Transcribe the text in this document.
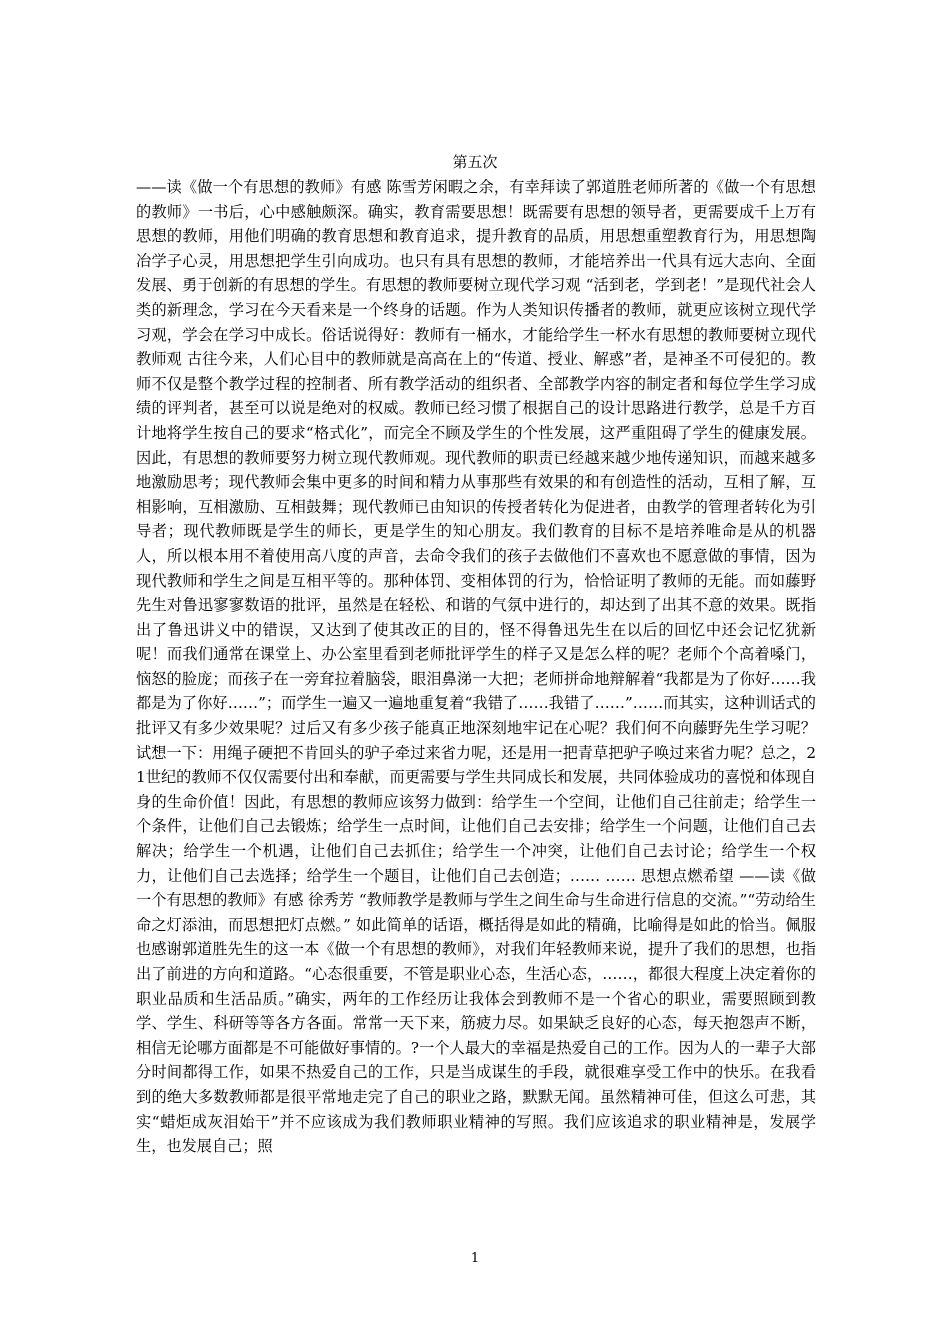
第五次

——读《做一个有思想的教师》有感 陈雪芳闲暇之余，有幸拜读了郭道胜老师所著的《做一个有思想的教师》一书后，心中感触颇深。确实，教育需要思想！既需要有思想的领导者，更需要成千上万有思想的教师，用他们明确的教育思想和教育追求，提升教育的品质，用思想重塑教育行为，用思想陶冶学子心灵，用思想把学生引向成功。也只有具有思想的教师，才能培养出一代具有远大志向、全面发展、勇于创新的有思想的学生。有思想的教师要树立现代学习观 “活到老，学到老！”是现代社会人类的新理念，学习在今天看来是一个终身的话题。作为人类知识传播者的教师，就更应该树立现代学习观，学会在学习中成长。俗话说得好：教师有一桶水，才能给学生一杯水有思想的教师要树立现代教师观 古往今来，人们心目中的教师就是高高在上的“传道、授业、解惑”者，是神圣不可侵犯的。教师不仅是整个教学过程的控制者、所有教学活动的组织者、全部教学内容的制定者和每位学生学习成绩的评判者，甚至可以说是绝对的权威。教师已经习惯了根据自己的设计思路进行教学，总是千方百计地将学生按自己的要求“格式化”，而完全不顾及学生的个性发展，这严重阻碍了学生的健康发展。因此，有思想的教师要努力树立现代教师观。现代教师的职责已经越来越少地传递知识，而越来越多地激励思考；现代教师会集中更多的时间和精力从事那些有效果的和有创造性的活动，互相了解，互相影响，互相激励、互相鼓舞；现代教师已由知识的传授者转化为促进者，由教学的管理者转化为引导者；现代教师既是学生的师长，更是学生的知心朋友。我们教育的目标不是培养唯命是从的机器人，所以根本用不着使用高八度的声音，去命令我们的孩子去做他们不喜欢也不愿意做的事情，因为现代教师和学生之间是互相平等的。那种体罚、变相体罚的行为，恰恰证明了教师的无能。而如藤野先生对鲁迅寥寥数语的批评，虽然是在轻松、和谐的气氛中进行的，却达到了出其不意的效果。既指出了鲁迅讲义中的错误，又达到了使其改正的目的，怪不得鲁迅先生在以后的回忆中还会记忆犹新呢！而我们通常在课堂上、办公室里看到老师批评学生的样子又是怎么样的呢？老师个个高着嗓门，恼怒的脸庞；而孩子在一旁耷拉着脑袋，眼泪鼻涕一大把；老师拼命地辩解着“我都是为了你好……我都是为了你好……”；而学生一遍又一遍地重复着“我错了……我错了……”……而其实，这种训话式的批评又有多少效果呢？过后又有多少孩子能真正地深刻地牢记在心呢？我们何不向藤野先生学习呢？试想一下：用绳子硬把不肯回头的驴子牵过来省力呢，还是用一把青草把驴子唤过来省力呢？总之，21世纪的教师不仅仅需要付出和奉献，而更需要与学生共同成长和发展，共同体验成功的喜悦和体现自身的生命价值！因此，有思想的教师应该努力做到：给学生一个空间，让他们自己往前走；给学生一个条件，让他们自己去锻炼；给学生一点时间，让他们自己去安排；给学生一个问题，让他们自己去解决；给学生一个机遇，让他们自己去抓住；给学生一个冲突，让他们自己去讨论；给学生一个权力，让他们自己去选择；给学生一个题目，让他们自己去创造；…… …… 思想点燃希望 ——读《做一个有思想的教师》有感 徐秀芳 “教师教学是教师与学生之间生命与生命进行信息的交流。”“劳动给生命之灯添油，而思想把灯点燃。” 如此简单的话语，概括得是如此的精确，比喻得是如此的恰当。佩服也感谢郭道胜先生的这一本《做一个有思想的教师》，对我们年轻教师来说，提升了我们的思想，也指出了前进的方向和道路。“心态很重要，不管是职业心态，生活心态，……，都很大程度上决定着你的职业品质和生活品质。”确实，两年的工作经历让我体会到教师不是一个省心的职业，需要照顾到教学、学生、科研等等各方各面。常常一天下来，筋疲力尽。如果缺乏良好的心态，每天抱怨声不断，相信无论哪方面都是不可能做好事情的。?一个人最大的幸福是热爱自己的工作。因为人的一辈子大部分时间都得工作，如果不热爱自己的工作，只是当成谋生的手段，就很难享受工作中的快乐。在我看到的绝大多数教师都是很平常地走完了自己的职业之路，默默无闻。虽然精神可佳，但这么可悲，其实“蜡炬成灰泪始干”并不应该成为我们教师职业精神的写照。我们应该追求的职业精神是，发展学生，也发展自己；照

1
